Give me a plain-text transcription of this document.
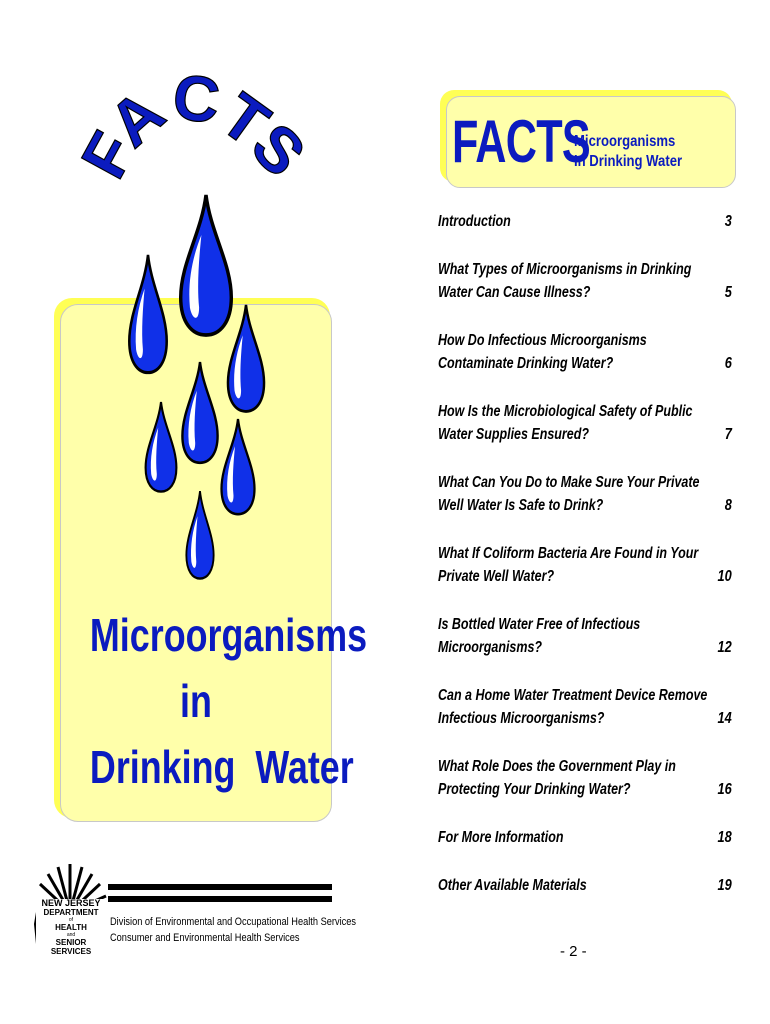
FACTS
Microorganisms
in
Drinking  Water
FACTS
Microorganisms
In Drinking Water
Introduction	3
What Types of Microorganisms in Drinking
Water Can Cause Illness?	5
How Do Infectious Microorganisms
Contaminate Drinking Water?	6
How Is the Microbiological Safety of Public
Water Supplies Ensured?	7
What Can You Do to Make Sure Your Private
Well Water Is Safe to Drink?	8
What If Coliform Bacteria Are Found in Your
Private Well Water?	10
Is Bottled Water Free of Infectious
Microorganisms?	12
Can a Home Water Treatment Device Remove
Infectious Microorganisms?	14
What Role Does the Government Play in
Protecting Your Drinking Water?	16
For More Information	18
Other Available Materials	19
Division of Environmental and Occupational Health Services
Consumer and Environmental Health Services
NEW JERSEY
DEPARTMENT
of
HEALTH
and
SENIOR SERVICES	- 2 -
